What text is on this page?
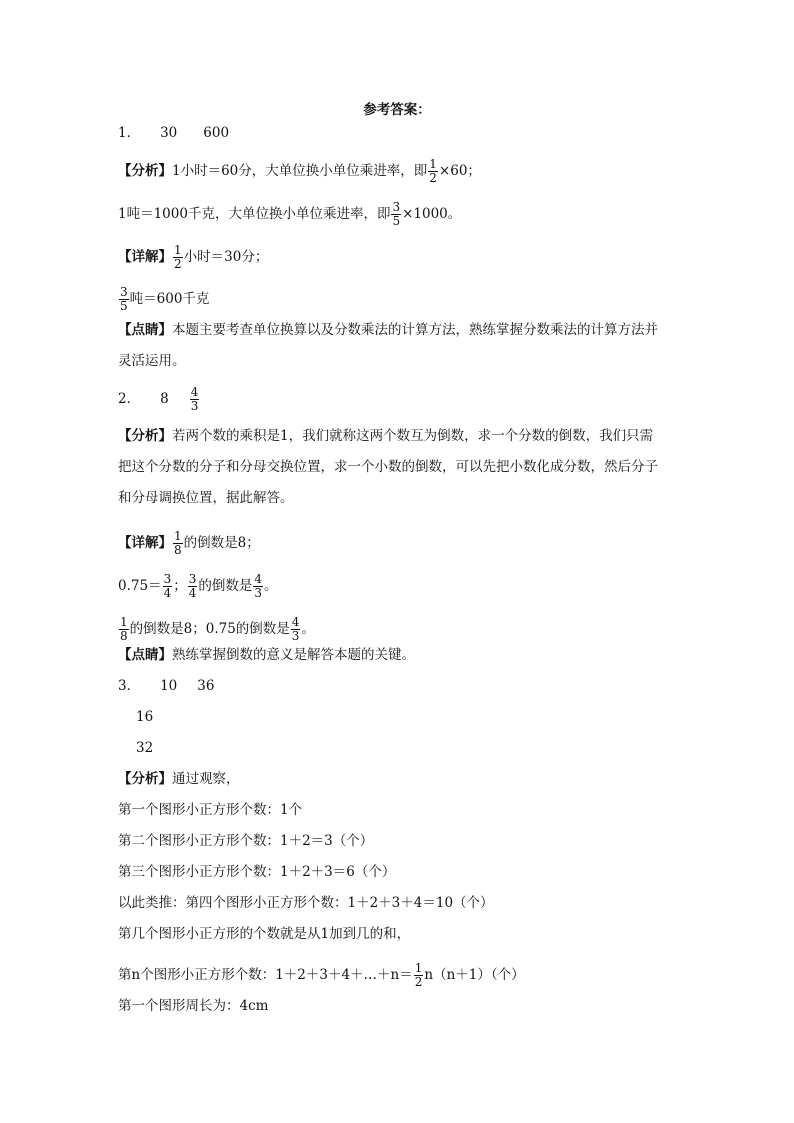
参考答案：
1． 30 600
【分析】1小时＝60分，大单位换小单位乘进率，即 $\frac{1}{2} \times 60$；
1吨＝1000千克，大单位换小单位乘进率，即 $\frac{3}{5} \times 1000$。
【详解】 $\frac{1}{2}$ 小时＝30分；
$\frac{3}{5}$ 吨＝600千克
【点睛】本题主要考查单位换算以及分数乘法的计算方法，熟练掌握分数乘法的计算方法并
灵活运用。
2． $8 \frac{4}{3}$
【分析】若两个数的乘积是1，我们就称这两个数互为倒数，求一个分数的倒数，我们只需
把这个分数的分子和分母交换位置，求一个小数的倒数，可以先把小数化成分数，然后分子
和分母调换位置，据此解答。
【详解】 $\frac{1}{8}$ 的倒数是8；
$0.75= \frac{3}{4}$ ； $\frac{3}{4}$ 的倒数是 $\frac{4}{3}$ 。
$\frac{1}{8}$ 的倒数是8；0.75的倒数是 $\frac{4}{3}$ 。
【点睛】熟练掌握倒数的意义是解答本题的关键。
3． 10 36
16
32
【分析】通过观察，
第一个图形小正方形个数：1个
第二个图形小正方形个数：1＋2＝3（个）
第三个图形小正方形个数：1＋2＋3＝6（个）
以此类推：第四个图形小正方形个数：1＋2＋3＋4＝10（个）
第几个图形小正方形的个数就是从1加到几的和，
第n个图形小正方形个数：1＋2＋3＋4＋…＋n＝ $\frac{1}{2} n(n+1)$（个）
第一个图形周长为：4cm
